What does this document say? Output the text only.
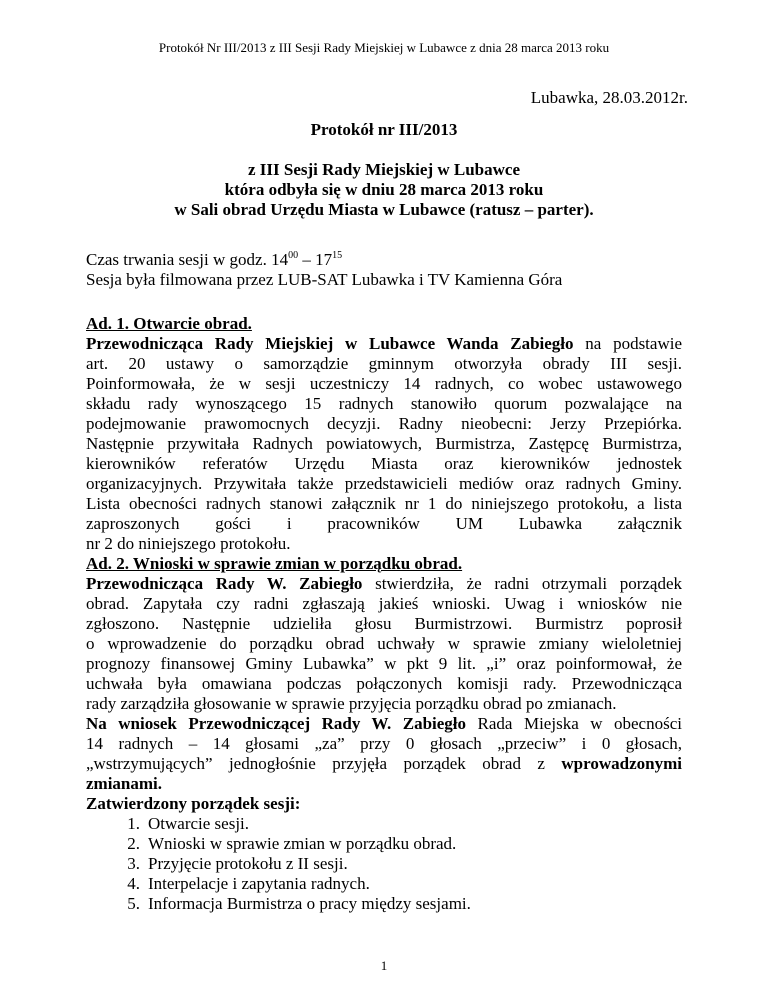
Protokół Nr III/2013 z III Sesji Rady Miejskiej w Lubawce z dnia 28 marca 2013 roku
Lubawka, 28.03.2012r.
Protokół nr III/2013
z III Sesji Rady Miejskiej w Lubawce
która odbyła się w dniu 28 marca 2013 roku
w Sali obrad Urzędu Miasta w Lubawce (ratusz – parter).
Czas trwania sesji w godz. $14^{00} - 17^{15}$
Sesja była filmowana przez LUB-SAT Lubawka i TV Kamienna Góra
Ad. 1. Otwarcie obrad.
Przewodnicząca Rady Miejskiej w Lubawce Wanda Zabiegło na podstawie
art. 20 ustawy o samorządzie gminnym otworzyła obrady III sesji.
Poinformowała, że w sesji uczestniczy 14 radnych, co wobec ustawowego
składu rady wynoszącego 15 radnych stanowiło quorum pozwalające na
podejmowanie prawomocnych decyzji. Radny nieobecni: Jerzy Przepiórka.
Następnie przywitała Radnych powiatowych, Burmistrza, Zastępcę Burmistrza,
kierowników referatów Urzędu Miasta oraz kierowników jednostek
organizacyjnych. Przywitała także przedstawicieli mediów oraz radnych Gminy.
Lista obecności radnych stanowi załącznik nr 1 do niniejszego protokołu, a lista
zaproszonych gości i pracowników UM Lubawka załącznik
nr 2 do niniejszego protokołu.
Ad. 2. Wnioski w sprawie zmian w porządku obrad.
Przewodnicząca Rady W. Zabiegło stwierdziła, że radni otrzymali porządek
obrad. Zapytała czy radni zgłaszają jakieś wnioski. Uwag i wniosków nie
zgłoszono. Następnie udzieliła głosu Burmistrzowi. Burmistrz poprosił
o wprowadzenie do porządku obrad uchwały w sprawie zmiany wieloletniej
prognozy finansowej Gminy Lubawka” w pkt 9 lit. „i” oraz poinformował, że
uchwała była omawiana podczas połączonych komisji rady. Przewodnicząca
rady zarządziła głosowanie w sprawie przyjęcia porządku obrad po zmianach.
Na wniosek Przewodniczącej Rady W. Zabiegło Rada Miejska w obecności
14 radnych – 14 głosami „za” przy 0 głosach „przeciw” i 0 głosach,
„wstrzymujących” jednogłośnie przyjęła porządek obrad z wprowadzonymi
zmianami.
Zatwierdzony porządek sesji:
1. Otwarcie sesji.
2. Wnioski w sprawie zmian w porządku obrad.
3. Przyjęcie protokołu z II sesji.
4. Interpelacje i zapytania radnych.
5. Informacja Burmistrza o pracy między sesjami.
1
